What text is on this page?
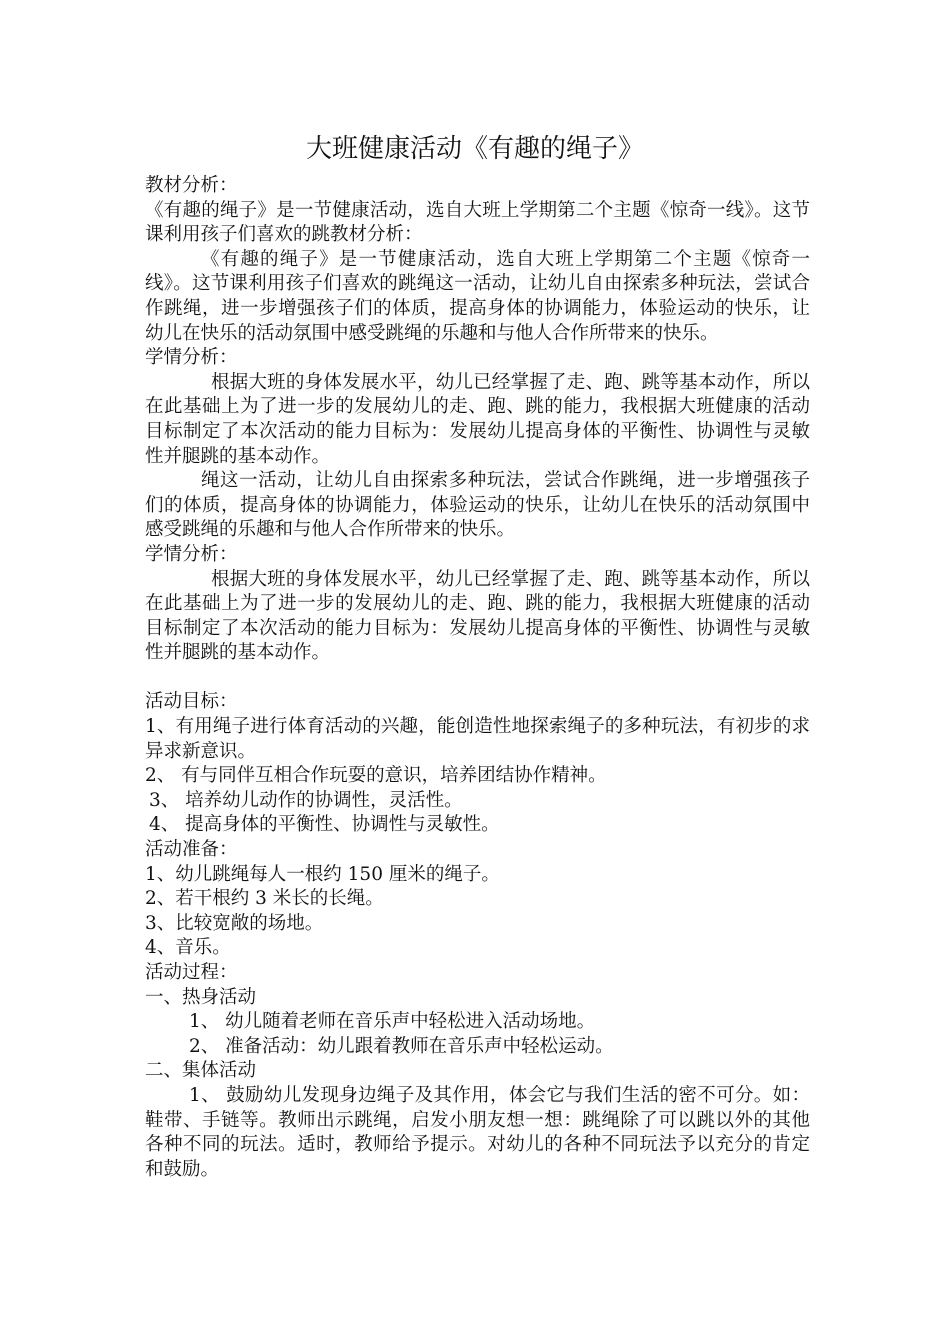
大班健康活动《有趣的绳子》

教材分析：

《有趣的绳子》是一节健康活动，选自大班上学期第二个主题《惊奇一线》。这节课利用孩子们喜欢的跳教材分析：

《有趣的绳子》是一节健康活动，选自大班上学期第二个主题《惊奇一线》。这节课利用孩子们喜欢的跳绳这一活动，让幼儿自由探索多种玩法，尝试合作跳绳，进一步增强孩子们的体质，提高身体的协调能力，体验运动的快乐，让幼儿在快乐的活动氛围中感受跳绳的乐趣和与他人合作所带来的快乐。

学情分析：

根据大班的身体发展水平，幼儿已经掌握了走、跑、跳等基本动作，所以在此基础上为了进一步的发展幼儿的走、跑、跳的能力，我根据大班健康的活动目标制定了本次活动的能力目标为：发展幼儿提高身体的平衡性、协调性与灵敏性并腿跳的基本动作。

绳这一活动，让幼儿自由探索多种玩法，尝试合作跳绳，进一步增强孩子们的体质，提高身体的协调能力，体验运动的快乐，让幼儿在快乐的活动氛围中感受跳绳的乐趣和与他人合作所带来的快乐。

学情分析：

根据大班的身体发展水平，幼儿已经掌握了走、跑、跳等基本动作，所以在此基础上为了进一步的发展幼儿的走、跑、跳的能力，我根据大班健康的活动目标制定了本次活动的能力目标为：发展幼儿提高身体的平衡性、协调性与灵敏性并腿跳的基本动作。

活动目标：

1、有用绳子进行体育活动的兴趣，能创造性地探索绳子的多种玩法，有初步的求异求新意识。

2、 有与同伴互相合作玩耍的意识，培养团结协作精神。

3、 培养幼儿动作的协调性，灵活性。

4、 提高身体的平衡性、协调性与灵敏性。

活动准备：

1、幼儿跳绳每人一根约 150 厘米的绳子。

2、若干根约 3 米长的长绳。

3、比较宽敞的场地。

4、音乐。

活动过程：

一、热身活动

1、 幼儿随着老师在音乐声中轻松进入活动场地。

2、 准备活动：幼儿跟着教师在音乐声中轻松运动。

二、集体活动

1、 鼓励幼儿发现身边绳子及其作用，体会它与我们生活的密不可分。如：鞋带、手链等。教师出示跳绳，启发小朋友想一想：跳绳除了可以跳以外的其他各种不同的玩法。适时，教师给予提示。对幼儿的各种不同玩法予以充分的肯定和鼓励。
